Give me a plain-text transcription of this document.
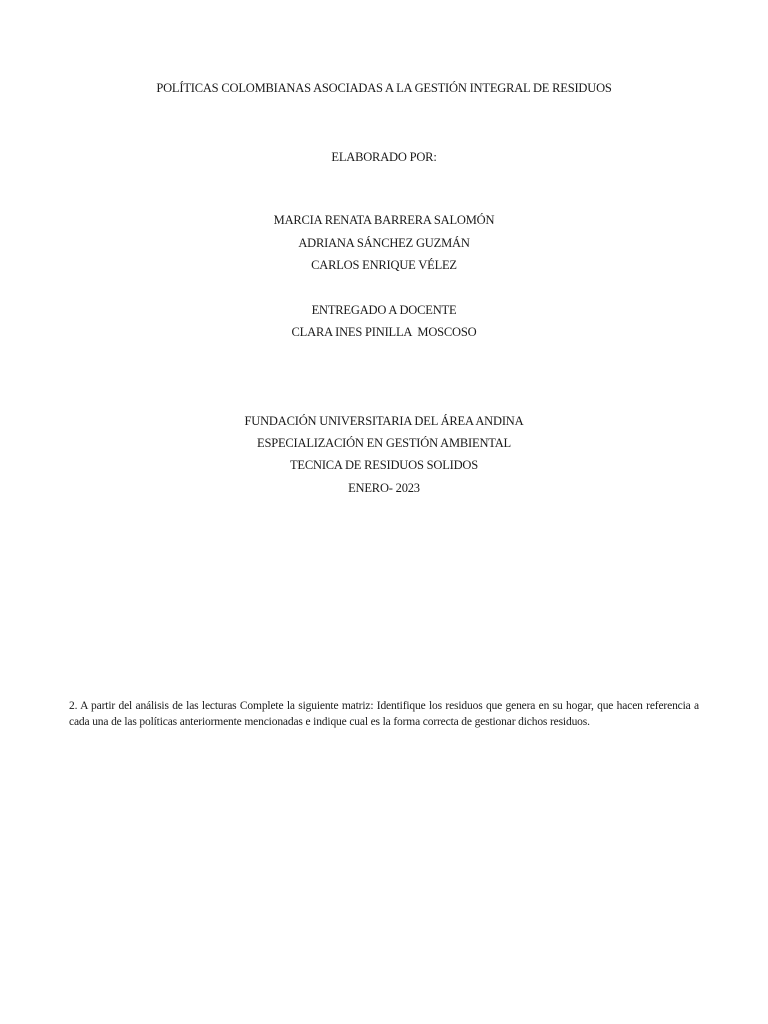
POLÍTICAS COLOMBIANAS ASOCIADAS A LA GESTIÓN INTEGRAL DE RESIDUOS
ELABORADO POR:
MARCIA RENATA BARRERA SALOMÓN
ADRIANA SÁNCHEZ GUZMÁN
CARLOS ENRIQUE VÉLEZ
ENTREGADO A DOCENTE
CLARA INES PINILLA  MOSCOSO
FUNDACIÓN UNIVERSITARIA DEL ÁREA ANDINA
ESPECIALIZACIÓN EN GESTIÓN AMBIENTAL
TECNICA DE RESIDUOS SOLIDOS
ENERO- 2023
2. A partir del análisis de las lecturas Complete la siguiente matriz: Identifique los residuos que genera en su hogar, que hacen referencia a cada una de las políticas anteriormente mencionadas e indique cual es la forma correcta de gestionar dichos residuos.
